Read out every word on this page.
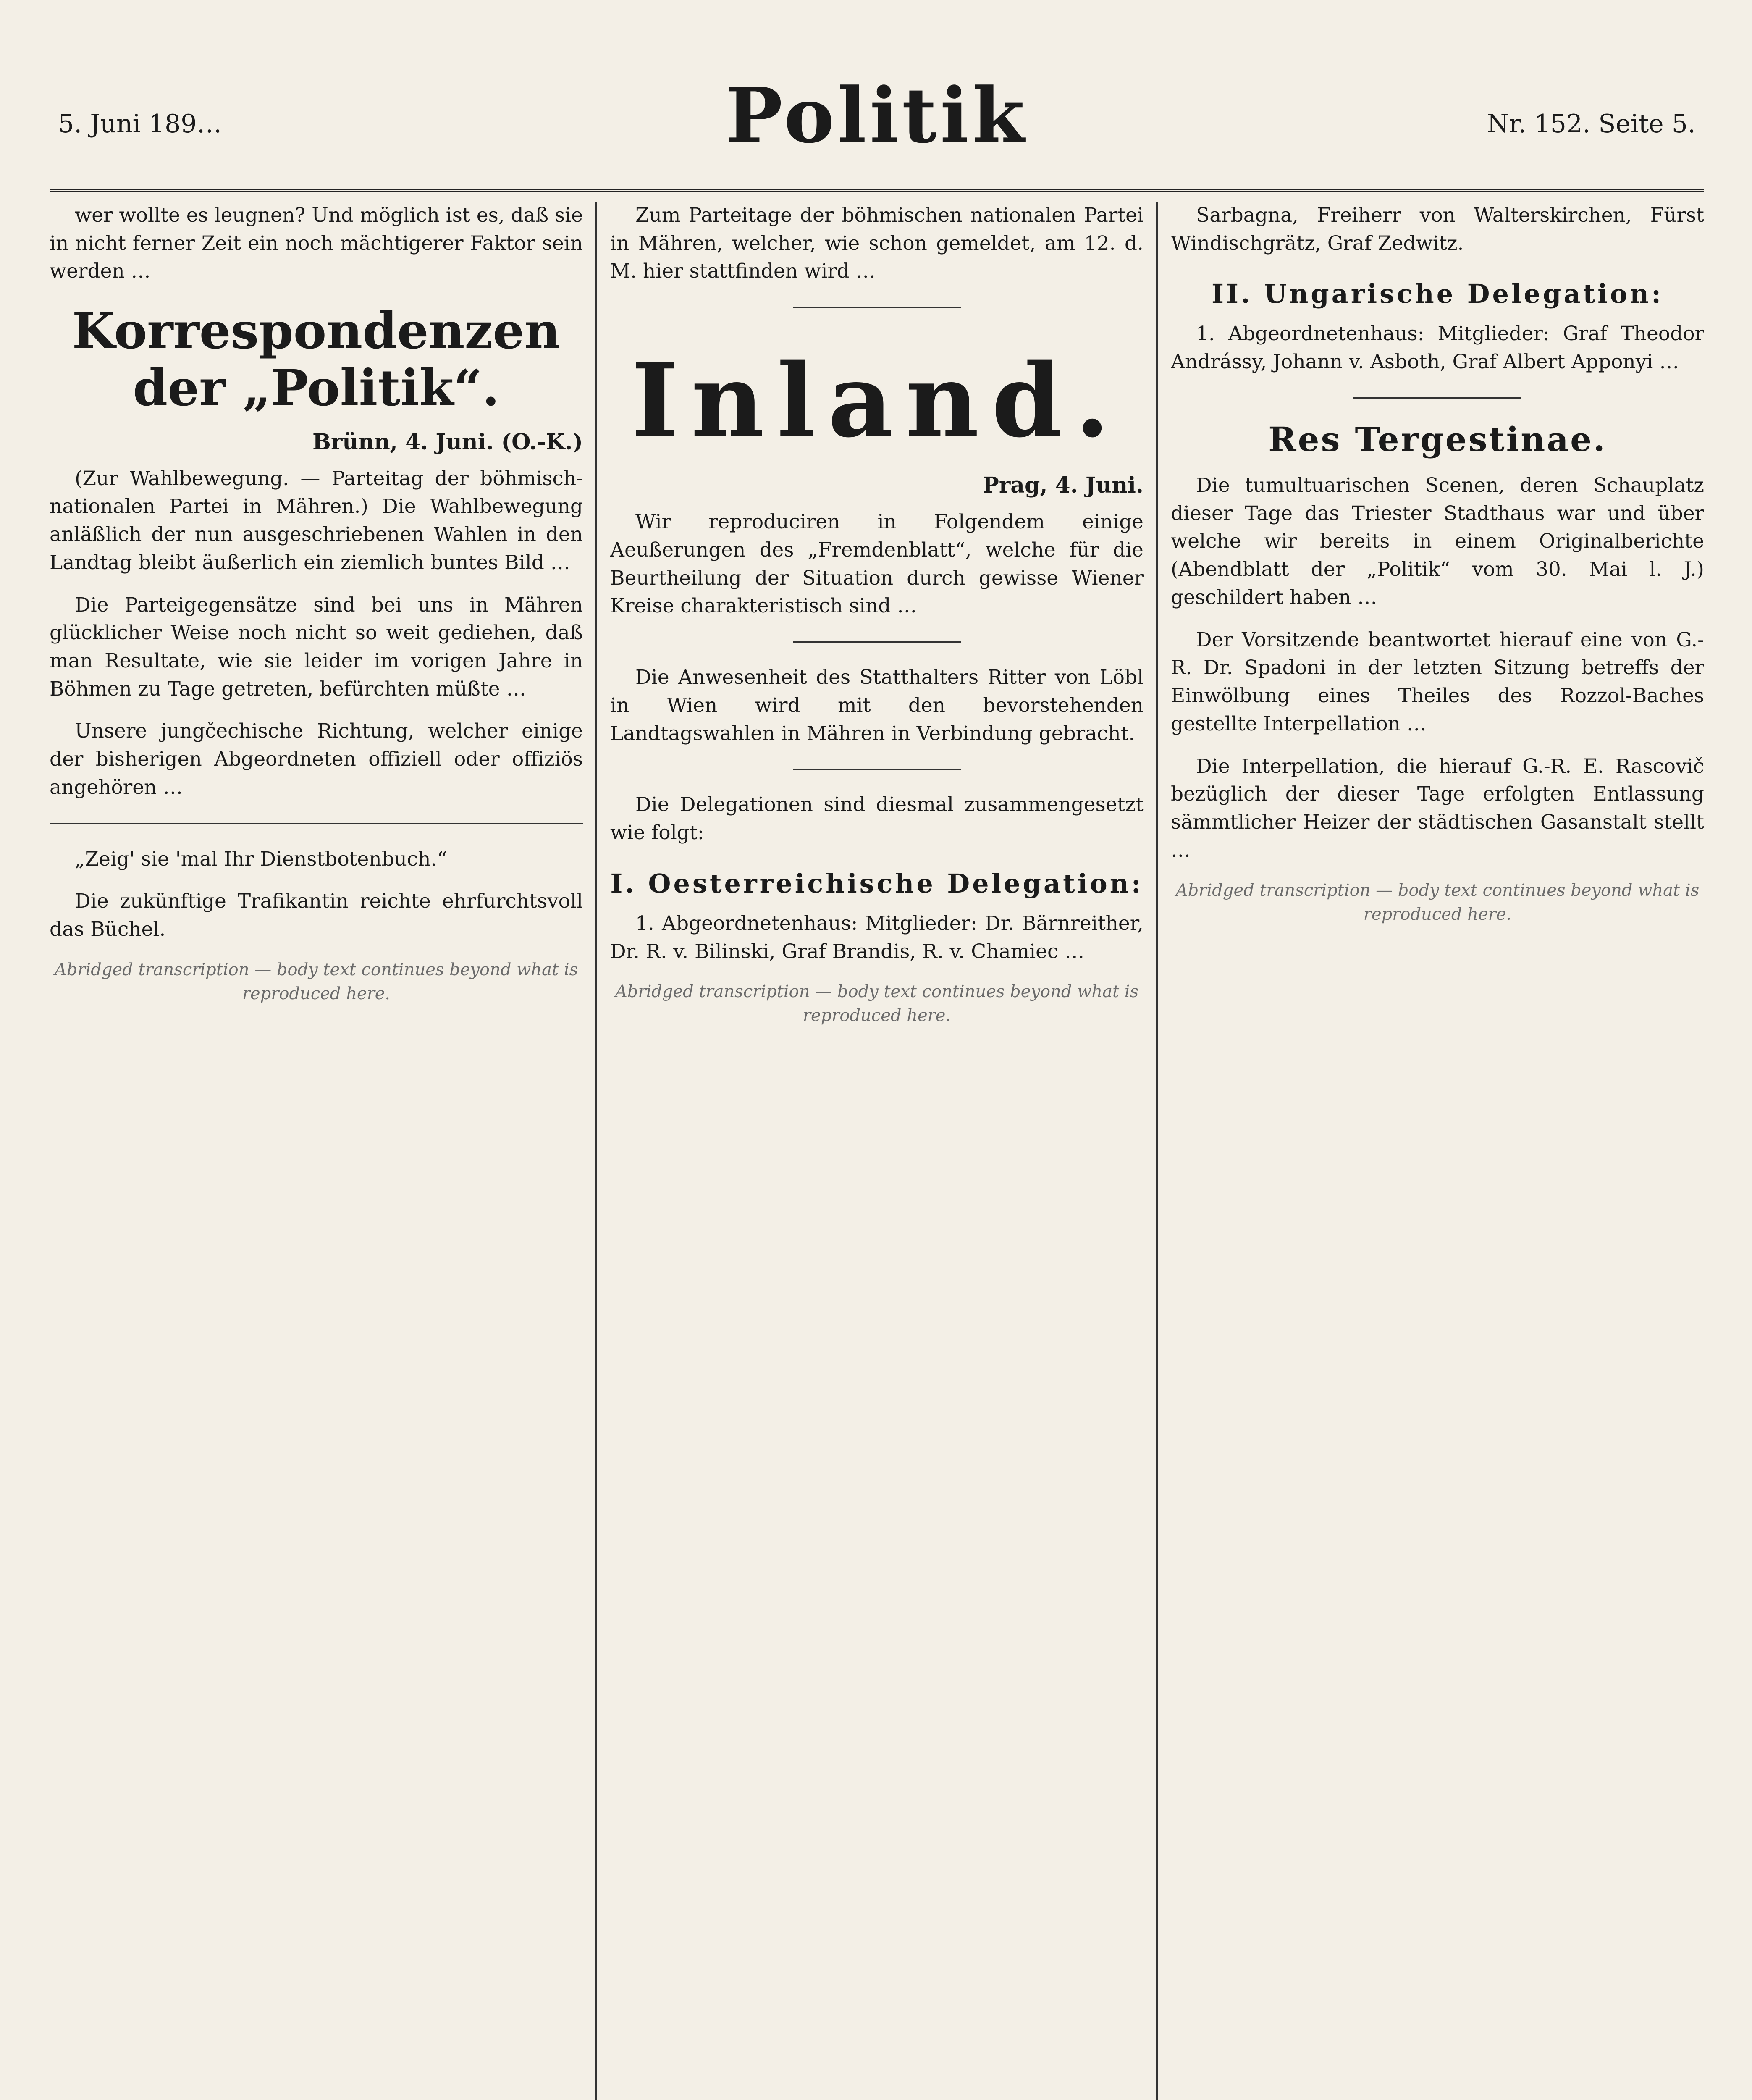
5. Juni 189…	Politik	Nr. 152. Seite 5.

wer wollte es leugnen? Und möglich ist es, daß sie in nicht ferner Zeit ein noch mächtigerer Faktor sein werden …

Korrespondenzen der „Politik“.
Brünn, 4. Juni. (O.-K.)

(Zur Wahlbewegung. — Parteitag der böhmisch-nationalen Partei in Mähren.) Die Wahlbewegung anläßlich der nun ausgeschriebenen Wahlen in den Landtag bleibt äußerlich ein ziemlich buntes Bild …

Die Parteigegensätze sind bei uns in Mähren glücklicher Weise noch nicht so weit gediehen, daß man Resultate, wie sie leider im vorigen Jahre in Böhmen zu Tage getreten, befürchten müßte …

Unsere jungčechische Richtung, welcher einige der bisherigen Abgeordneten offiziell oder offiziös angehören …

„Zeig' sie 'mal Ihr Dienstbotenbuch.“

Die zukünftige Trafikantin reichte ehrfurchtsvoll das Büchel.

Abridged transcription — body text continues beyond what is reproduced here.

Zum Parteitage der böhmischen nationalen Partei in Mähren, welcher, wie schon gemeldet, am 12. d. M. hier stattfinden wird …

Inland.
Prag, 4. Juni.

Wir reproduciren in Folgendem einige Aeußerungen des „Fremdenblatt“, welche für die Beurtheilung der Situation durch gewisse Wiener Kreise charakteristisch sind …

Die Anwesenheit des Statthalters Ritter von Löbl in Wien wird mit den bevorstehenden Landtagswahlen in Mähren in Verbindung gebracht.

Die Delegationen sind diesmal zusammengesetzt wie folgt:

I. Oesterreichische Delegation:

1. Abgeordnetenhaus: Mitglieder: Dr. Bärnreither, Dr. R. v. Bilinski, Graf Brandis, R. v. Chamiec …

Abridged transcription — body text continues beyond what is reproduced here.

Sarbagna, Freiherr von Walterskirchen, Fürst Windischgrätz, Graf Zedwitz.

II. Ungarische Delegation:

1. Abgeordnetenhaus: Mitglieder: Graf Theodor Andrássy, Johann v. Asboth, Graf Albert Apponyi …

Res Tergestinae.

Die tumultuarischen Scenen, deren Schauplatz dieser Tage das Triester Stadthaus war und über welche wir bereits in einem Originalberichte (Abendblatt der „Politik“ vom 30. Mai l. J.) geschildert haben …

Der Vorsitzende beantwortet hierauf eine von G.-R. Dr. Spadoni in der letzten Sitzung betreffs der Einwölbung eines Theiles des Rozzol-Baches gestellte Interpellation …

Die Interpellation, die hierauf G.-R. E. Rascovič bezüglich der dieser Tage erfolgten Entlassung sämmtlicher Heizer der städtischen Gasanstalt stellt …

Abridged transcription — body text continues beyond what is reproduced here.
